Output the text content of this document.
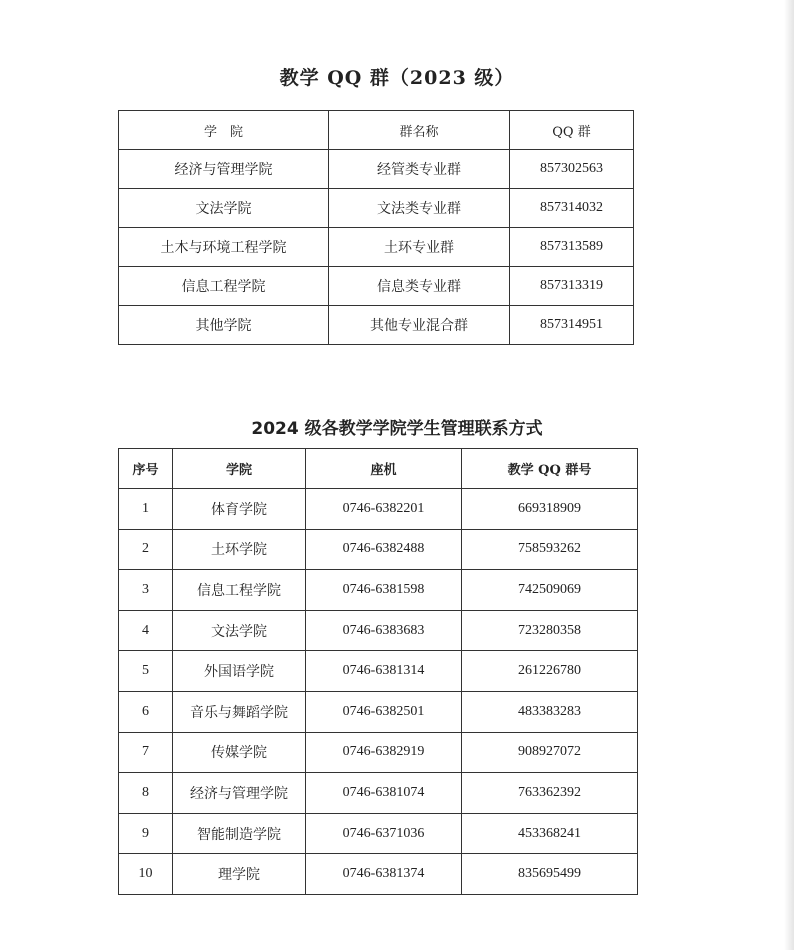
教学 QQ 群（2023 级）
学　院	群名称	QQ 群
经济与管理学院	经管类专业群	857302563
文法学院	文法类专业群	857314032
土木与环境工程学院	土环专业群	857313589
信息工程学院	信息类专业群	857313319
其他学院	其他专业混合群	857314951
2024 级各教学学院学生管理联系方式
序号	学院	座机	教学 QQ 群号
1	体育学院	0746-6382201	669318909
2	土环学院	0746-6382488	758593262
3	信息工程学院	0746-6381598	742509069
4	文法学院	0746-6383683	723280358
5	外国语学院	0746-6381314	261226780
6	音乐与舞蹈学院	0746-6382501	483383283
7	传媒学院	0746-6382919	908927072
8	经济与管理学院	0746-6381074	763362392
9	智能制造学院	0746-6371036	453368241
10	理学院	0746-6381374	835695499
